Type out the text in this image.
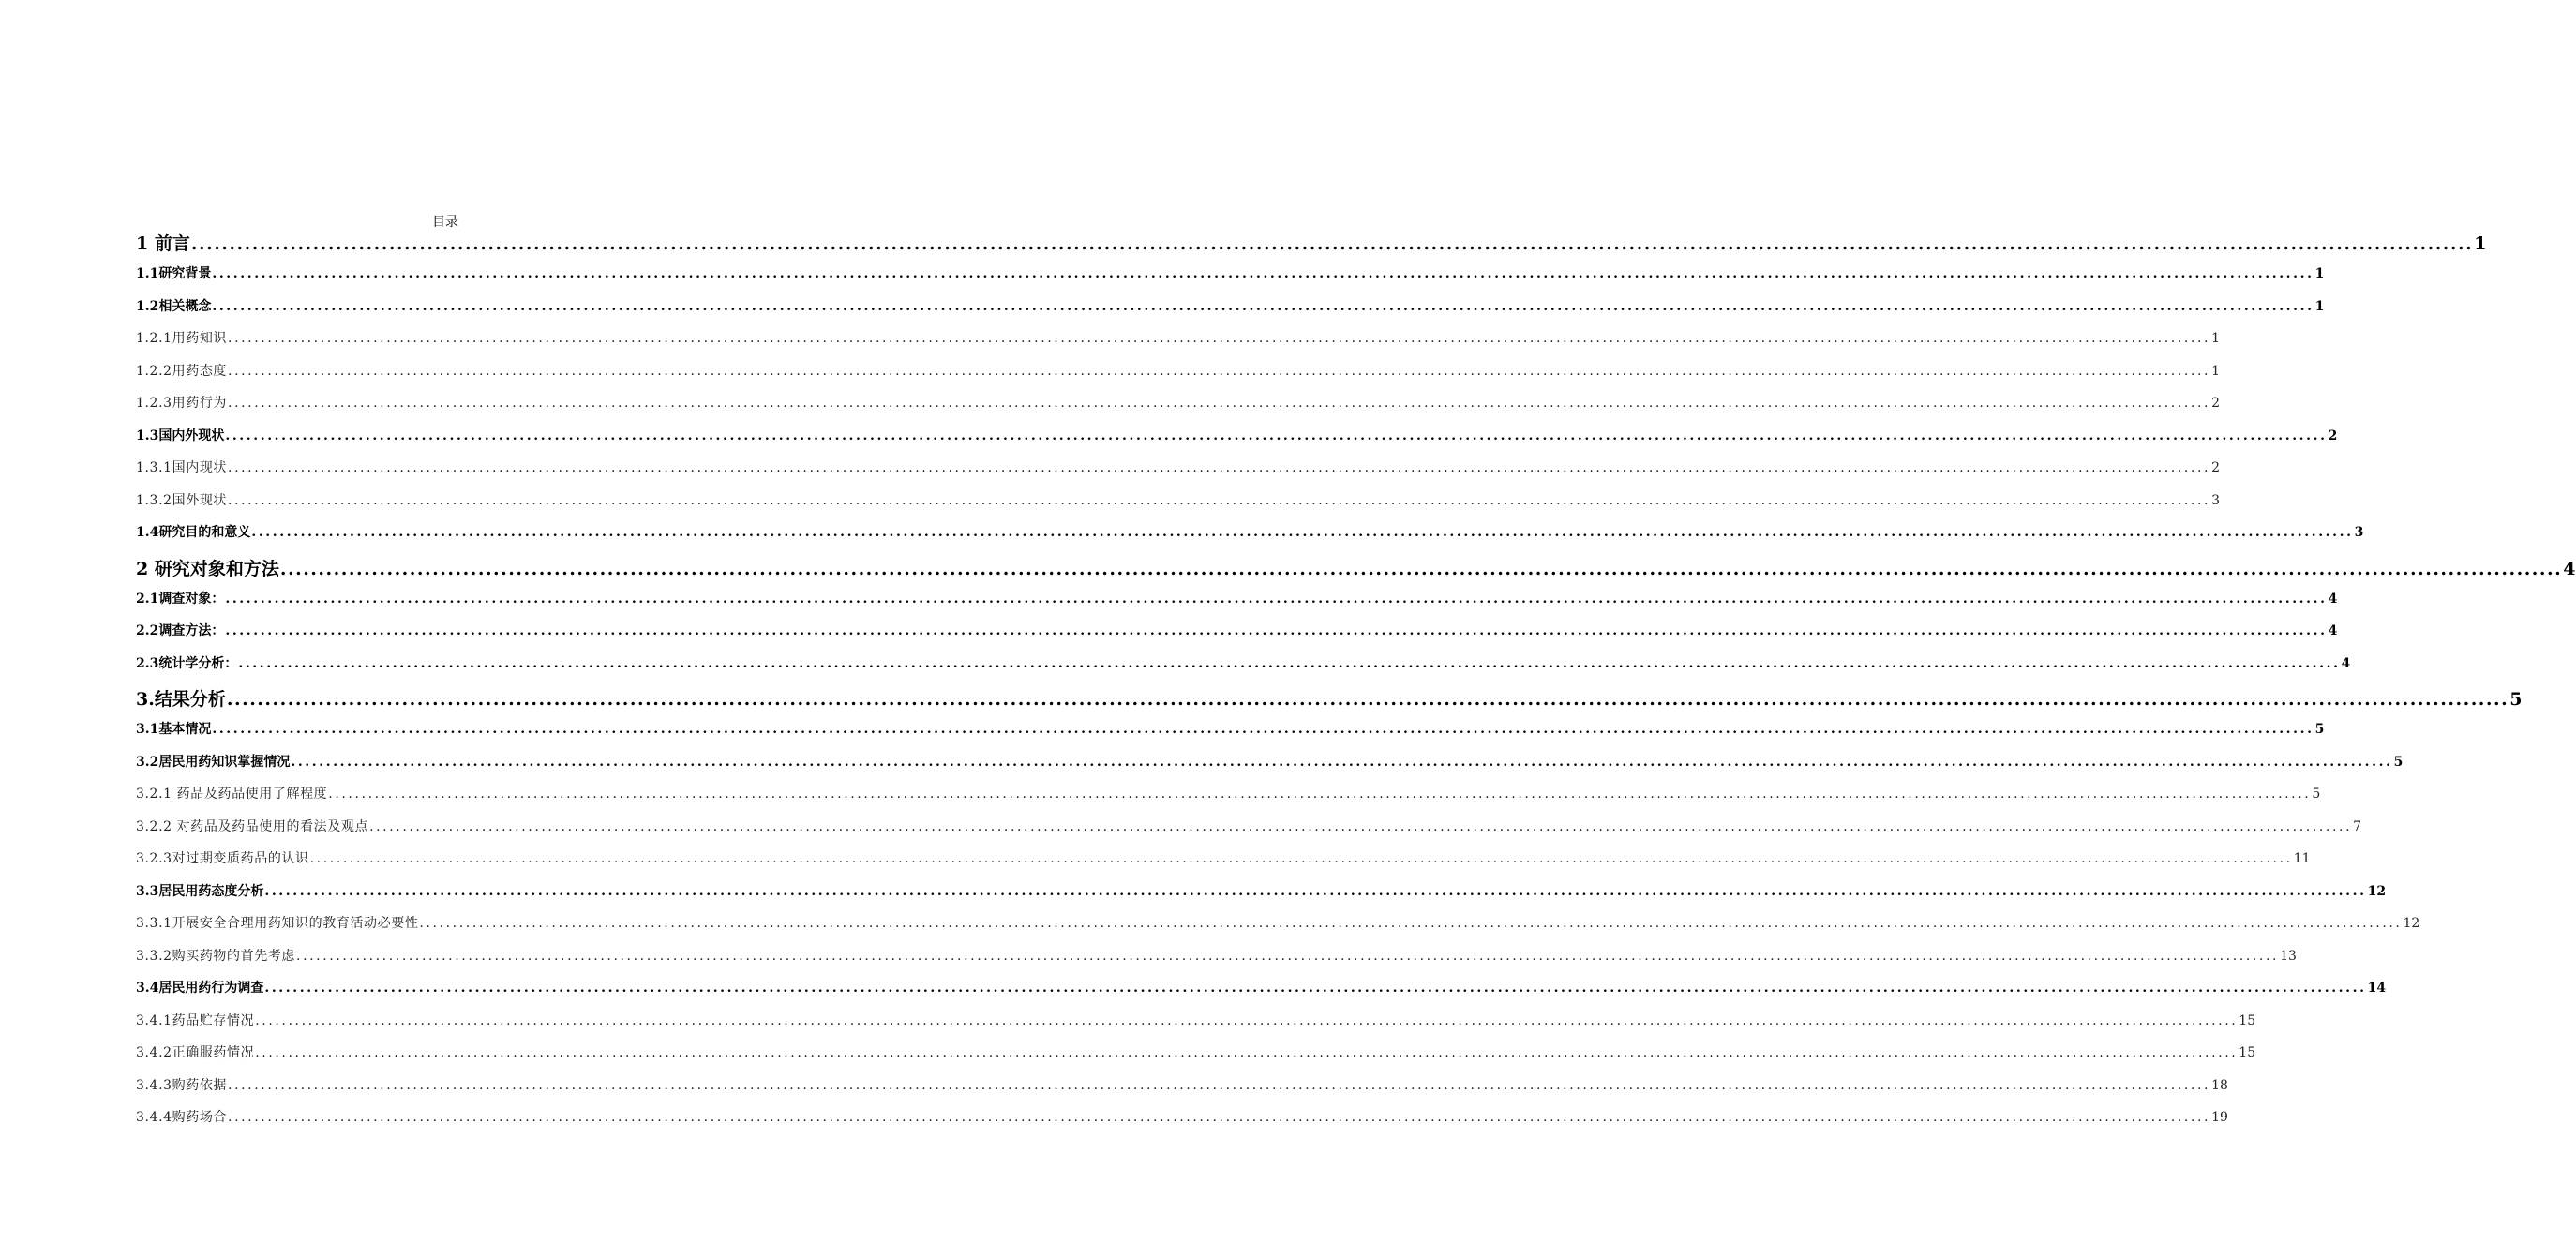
目录
1 前言 ............................................................................................................................................................................................................................................................................................................ 1
1.1研究背景 ............................................................................................................................................................................................................................................................................................................ 1
1.2相关概念 ............................................................................................................................................................................................................................................................................................................ 1
1.2.1用药知识 ............................................................................................................................................................................................................................................................................................................ 1
1.2.2用药态度 ............................................................................................................................................................................................................................................................................................................ 1
1.2.3用药行为 ............................................................................................................................................................................................................................................................................................................ 2
1.3国内外现状 ............................................................................................................................................................................................................................................................................................................ 2
1.3.1国内现状 ............................................................................................................................................................................................................................................................................................................ 2
1.3.2国外现状 ............................................................................................................................................................................................................................................................................................................ 3
1.4研究目的和意义 ............................................................................................................................................................................................................................................................................................................ 3
2 研究对象和方法 ............................................................................................................................................................................................................................................................................................................ 4
2.1调查对象： ............................................................................................................................................................................................................................................................................................................ 4
2.2调查方法： ............................................................................................................................................................................................................................................................................................................ 4
2.3统计学分析： ............................................................................................................................................................................................................................................................................................................ 4
3.结果分析 ............................................................................................................................................................................................................................................................................................................ 5
3.1基本情况 ............................................................................................................................................................................................................................................................................................................ 5
3.2居民用药知识掌握情况 ............................................................................................................................................................................................................................................................................................................ 5
3.2.1 药品及药品使用了解程度 ............................................................................................................................................................................................................................................................................................................ 5
3.2.2 对药品及药品使用的看法及观点 ............................................................................................................................................................................................................................................................................................................ 7
3.2.3对过期变质药品的认识 ............................................................................................................................................................................................................................................................................................................ 11
3.3居民用药态度分析 ............................................................................................................................................................................................................................................................................................................ 12
3.3.1开展安全合理用药知识的教育活动必要性 ............................................................................................................................................................................................................................................................................................................ 12
3.3.2购买药物的首先考虑 ............................................................................................................................................................................................................................................................................................................ 13
3.4居民用药行为调查 ............................................................................................................................................................................................................................................................................................................ 14
3.4.1药品贮存情况 ............................................................................................................................................................................................................................................................................................................ 15
3.4.2正确服药情况 ............................................................................................................................................................................................................................................................................................................ 15
3.4.3购药依据 ............................................................................................................................................................................................................................................................................................................ 18
3.4.4购药场合 ............................................................................................................................................................................................................................................................................................................ 19
